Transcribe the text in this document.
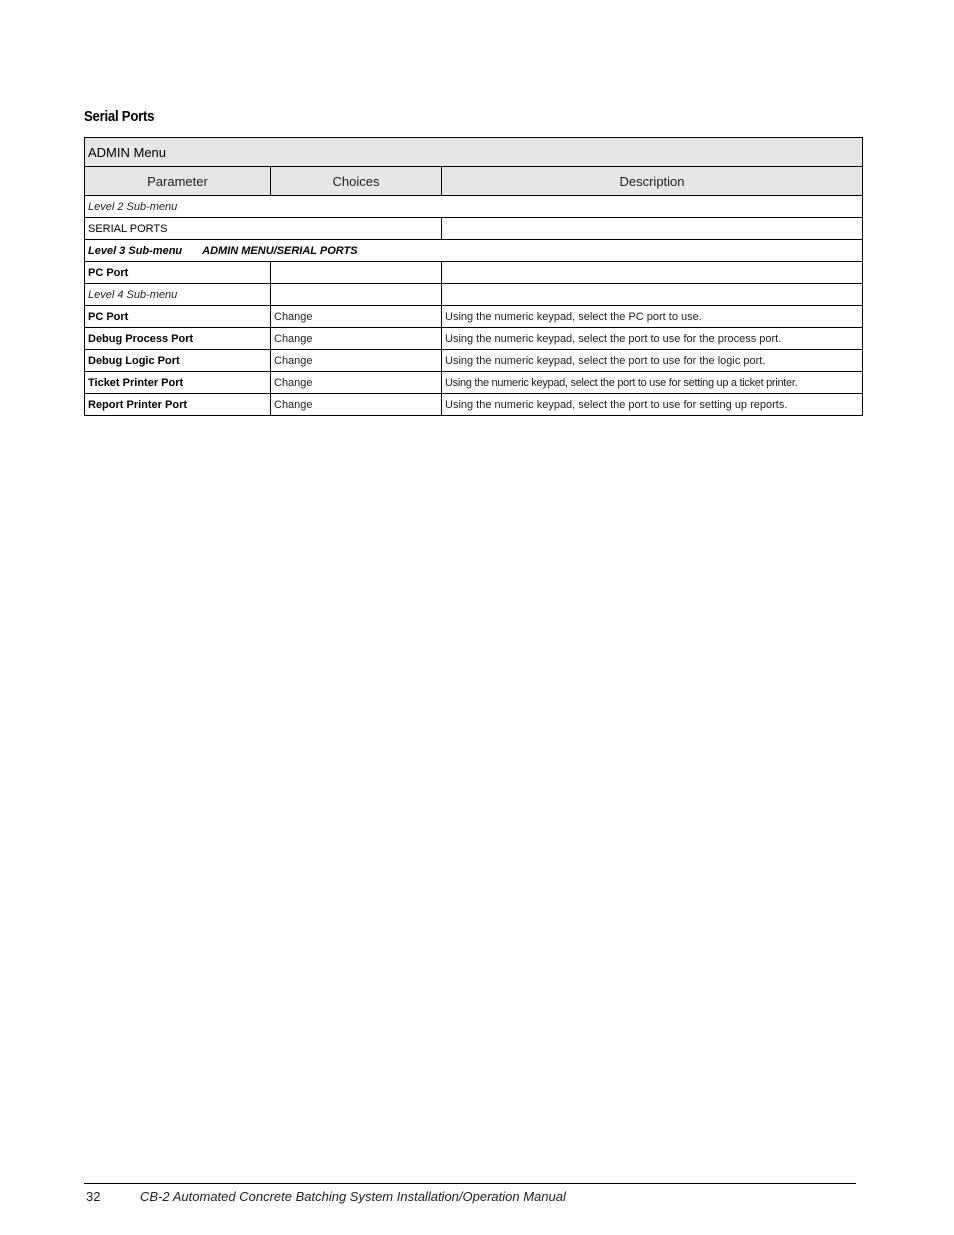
Serial Ports
ADMIN Menu		
Parameter	Choices	Description
Level 2 Sub-menu		
SERIAL PORTS		
Level 3 Sub-menu ADMIN MENU/SERIAL PORTS		
PC Port		
Level 4 Sub-menu		
PC Port	Change	Using the numeric keypad, select the PC port to use.
Debug Process Port	Change	Using the numeric keypad, select the port to use for the process port.
Debug Logic Port	Change	Using the numeric keypad, select the port to use for the logic port.
Ticket Printer Port	Change	Using the numeric keypad, select the port to use for setting up a ticket printer.
Report Printer Port	Change	Using the numeric keypad, select the port to use for setting up reports.
32	CB-2 Automated Concrete Batching System Installation/Operation Manual
